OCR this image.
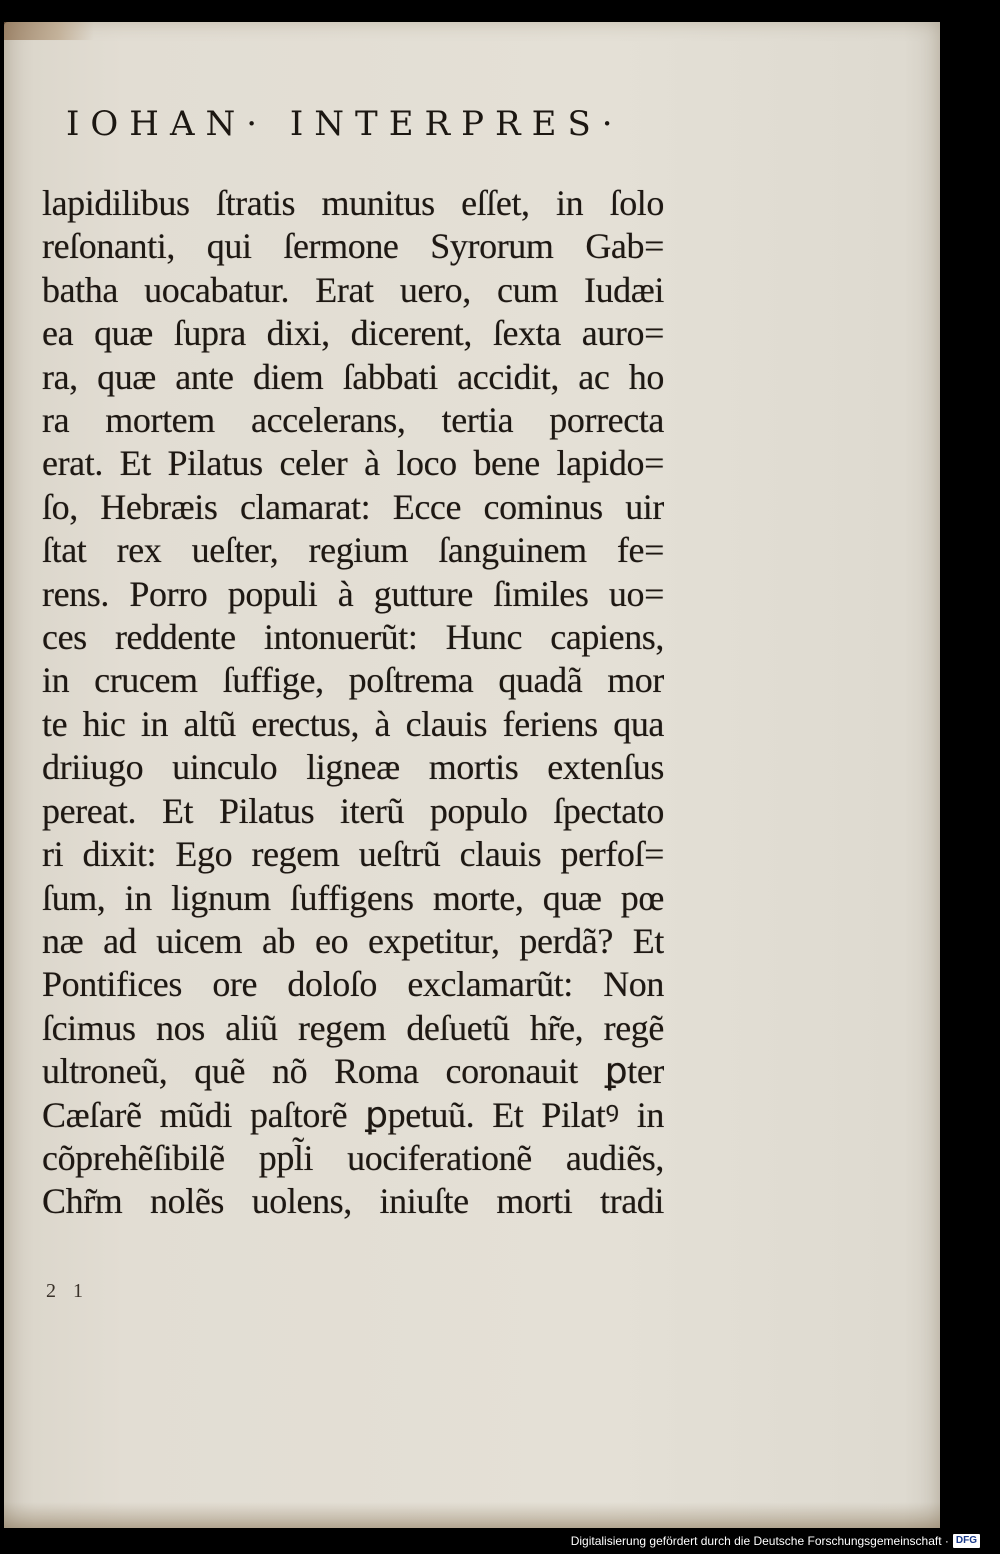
IOHAN· INTERPRES·
lapidilibus ſtratis munitus eſſet, in ſolo
reſonanti, qui ſermone Syrorum Gab=
batha uocabatur. Erat uero, cum Iudæi
ea quæ ſupra dixi, dicerent, ſexta auro=
ra, quæ ante diem ſabbati accidit, ac ho
ra mortem accelerans, tertia porrecta
erat. Et Pilatus celer à loco bene lapido=
ſo, Hebræis clamarat: Ecce cominus uir
ſtat rex ueſter, regium ſanguinem fe=
rens. Porro populi à gutture ſimiles uo=
ces reddente intonuerũt: Hunc capiens,
in crucem ſuffige, poſtrema quadã mor
te hic in altũ erectus, à clauis feriens qua
driiugo uinculo ligneæ mortis extenſus
pereat. Et Pilatus iterũ populo ſpectato
ri dixit: Ego regem ueſtrũ clauis perfoſ=
ſum, in lignum ſuffigens morte, quæ pœ
næ ad uicem ab eo expetitur, perdã? Et
Pontifices ore doloſo exclamarũt: Non
ſcimus nos aliũ regem deſuetũ hr̃e, regẽ
ultroneũ, quẽ nõ Roma coronauit ꝑter
Cæſarẽ mũdi paſtorẽ ꝑpetuũ. Et Pilatꝰ in
cõprehẽſibilẽ ppl̃i uociferationẽ audiẽs,
Chr̃m nolẽs uolens, iniuſte morti tradi
2 1
Digitalisierung gefördert durch die Deutsche Forschungsgemeinschaft · DFG
